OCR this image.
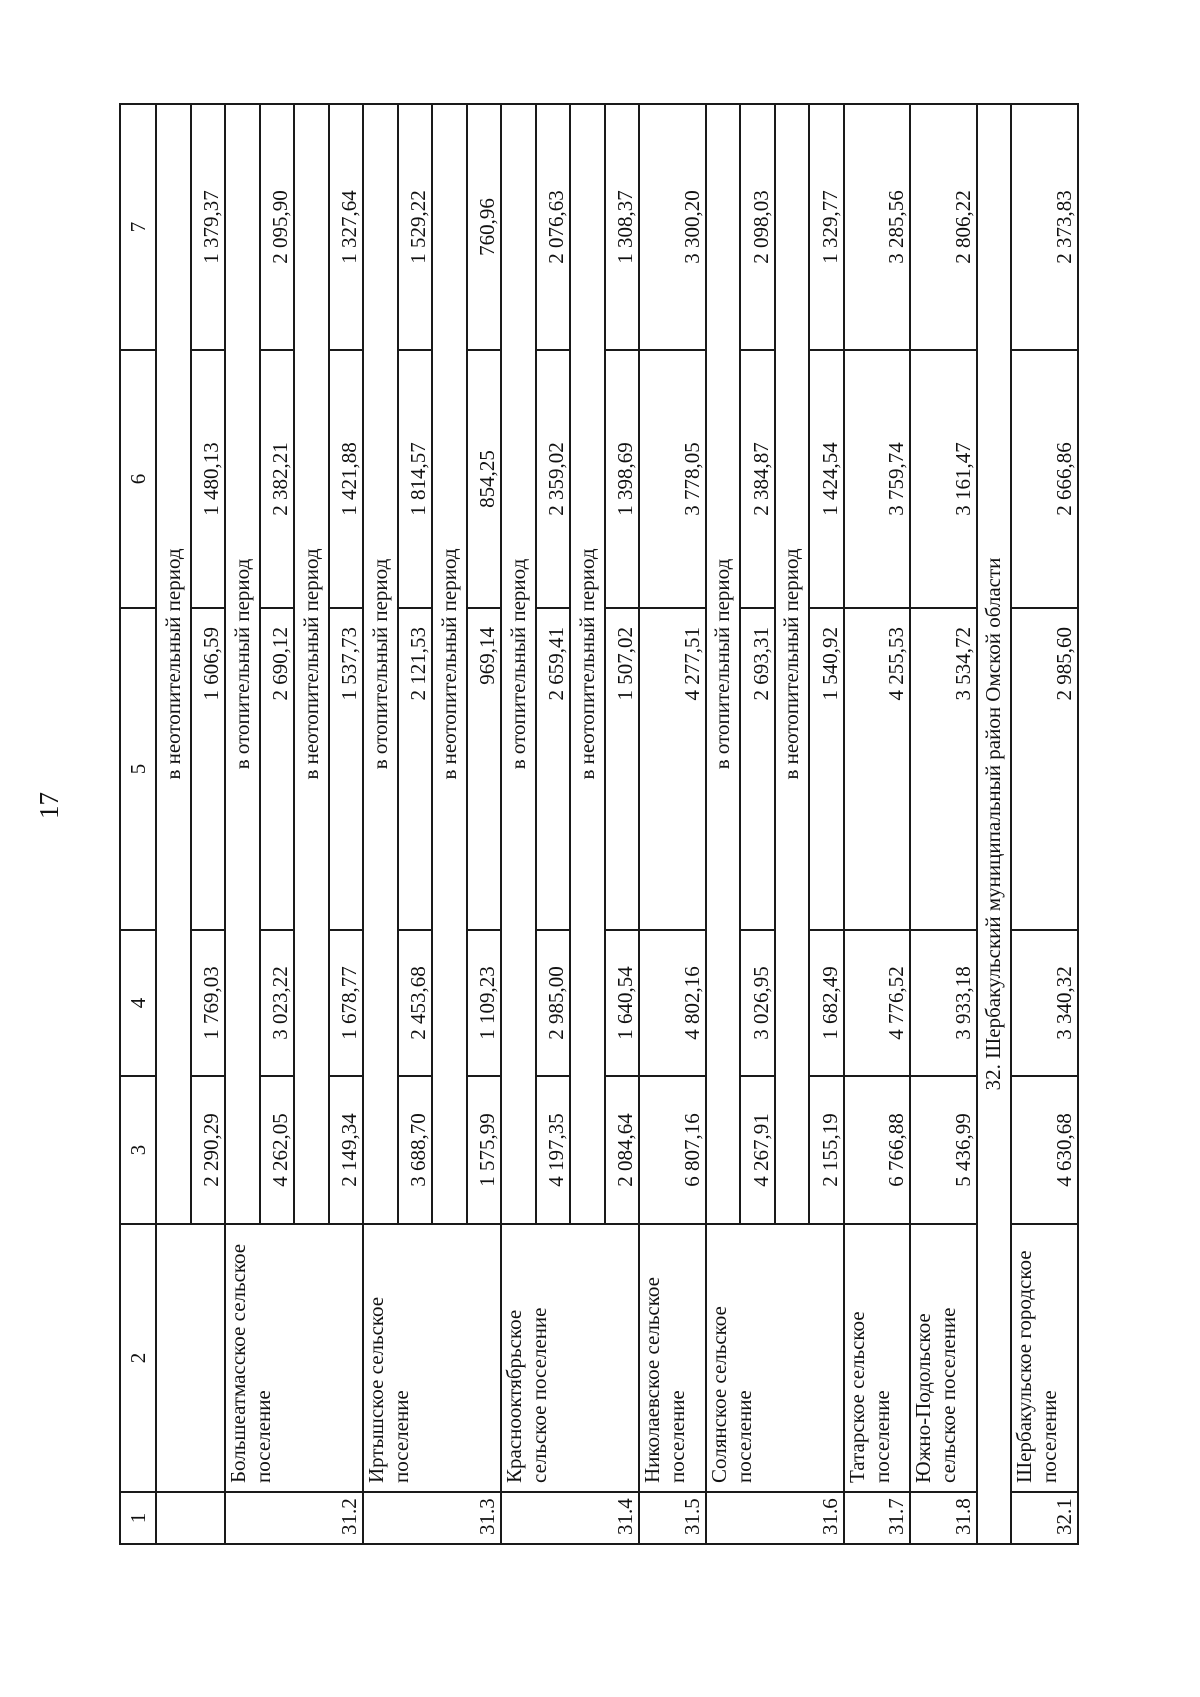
17
1	2	3	4	5	6	7
		в неотопительный период				
		2 290,29	1 769,03	1 606,59	1 480,13	1 379,37
31.2	Большеатмасское сельское поселение	в отопительный период				
		4 262,05	3 023,22	2 690,12	2 382,21	2 095,90
		в неотопительный период				
		2 149,34	1 678,77	1 537,73	1 421,88	1 327,64
31.3	Иртышское сельское поселение	в отопительный период				
		3 688,70	2 453,68	2 121,53	1 814,57	1 529,22
		в неотопительный период				
		1 575,99	1 109,23	969,14	854,25	760,96
31.4	Краснооктябрьское сельское поселение	в отопительный период				
		4 197,35	2 985,00	2 659,41	2 359,02	2 076,63
		в неотопительный период				
		2 084,64	1 640,54	1 507,02	1 398,69	1 308,37
31.5	Николаевское сельское поселение	6 807,16	4 802,16	4 277,51	3 778,05	3 300,20
31.6	Солянское сельское поселение	в отопительный период				
		4 267,91	3 026,95	2 693,31	2 384,87	2 098,03
		в неотопительный период				
		2 155,19	1 682,49	1 540,92	1 424,54	1 329,77
31.7	Татарское сельское поселение	6 766,88	4 776,52	4 255,53	3 759,74	3 285,56
31.8	Южно-Подольское сельское поселение	5 436,99	3 933,18	3 534,72	3 161,47	2 806,22
32. Шербакульский муниципальный район Омской области						
32.1	Шербакульское городское поселение	4 630,68	3 340,32	2 985,60	2 666,86	2 373,83
